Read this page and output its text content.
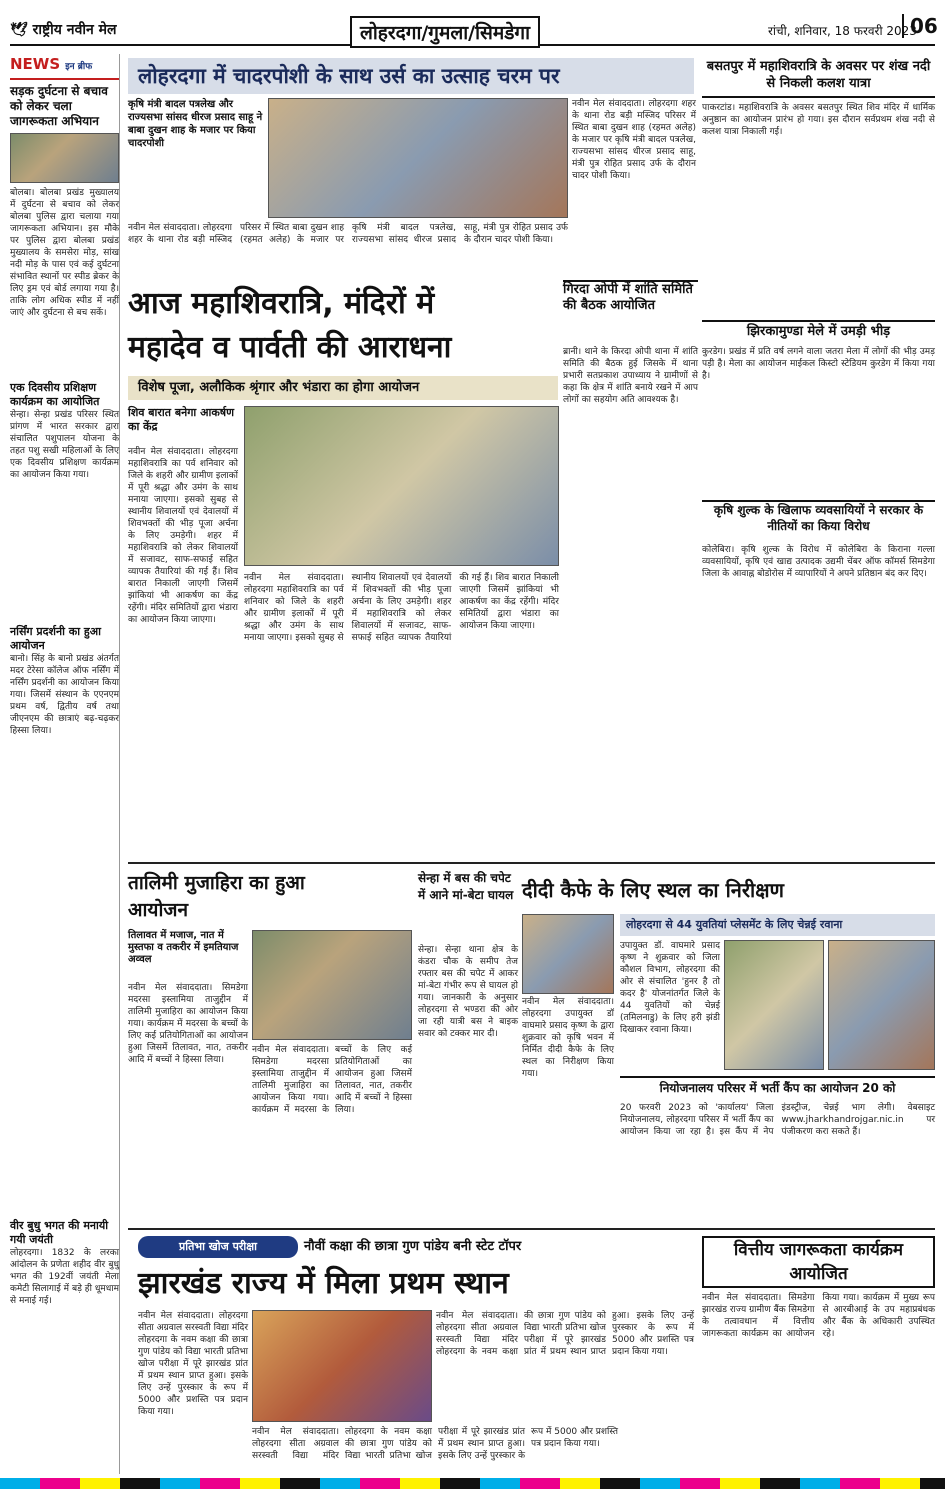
🕊 राष्ट्रीय नवीन मेल	लोहरदगा/गुमला/सिमडेगा	रांची, शनिवार, 18 फरवरी 2023
06
NEWS इन ब्रीफ
सड़क दुर्घटना से बचाव को लेकर चला जागरूकता अभियान
बोलबा। बोलबा प्रखंड मुख्यालय में दुर्घटना से बचाव को लेकर बोलबा पुलिस द्वारा चलाया गया जागरूकता अभियान। इस मौके पर पुलिस द्वारा बोलबा प्रखंड मुख्यालय के समसेरा मोड़, सांख नदी मोड़ के पास एवं कई दुर्घटना संभावित स्थानों पर स्पीड ब्रेकर के लिए ड्रम एवं बोर्ड लगाया गया है। ताकि लोग अधिक स्पीड में नहीं जाएं और दुर्घटना से बच सकें।
एक दिवसीय प्रशिक्षण कार्यक्रम का आयोजित
सेन्हा। सेन्हा प्रखंड परिसर स्थित प्रांगण में भारत सरकार द्वारा संचालित पशुपालन योजना के तहत पशु सखी महिलाओं के लिए एक दिवसीय प्रशिक्षण कार्यक्रम का आयोजन किया गया।
नर्सिंग प्रदर्शनी का हुआ आयोजन
बानो। सिंह के बानो प्रखंड अंतर्गत मदर टेरेसा कॉलेज ऑफ नर्सिंग में नर्सिंग प्रदर्शनी का आयोजन किया गया। जिसमें संस्थान के एएनएम प्रथम वर्ष, द्वितीय वर्ष तथा जीएनएम की छात्राएं बढ़-चढ़कर हिस्सा लिया।
वीर बुधु भगत की मनायी गयी जयंती
लोहरदगा। 1832 के लरका आंदोलन के प्रणेता शहीद वीर बुधु भगत की 192वीं जयंती मेला कमेटी सिलागाई में बड़े ही धूमधाम से मनाई गई।
लोहरदगा में चादरपोशी के साथ उर्स का उत्साह चरम पर
कृषि मंत्री बादल पत्रलेख और राज्यसभा सांसद धीरज प्रसाद साहू ने बाबा दुखन शाह के मजार पर किया चादरपोशी
नवीन मेल संवाददाता। लोहरदगा शहर के थाना रोड बड़ी मस्जिद परिसर में स्थित बाबा दुखन शाह (रहमत अलेह) के मजार पर कृषि मंत्री बादल पत्रलेख, राज्यसभा सांसद धीरज प्रसाद साहू, मंत्री पुत्र रोहित प्रसाद उर्फ के दौरान चादर पोशी किया।
नवीन मेल संवाददाता। लोहरदगा शहर के थाना रोड बड़ी मस्जिद परिसर में स्थित बाबा दुखन शाह (रहमत अलेह) के मजार पर कृषि मंत्री बादल पत्रलेख, राज्यसभा सांसद धीरज प्रसाद साहू, मंत्री पुत्र रोहित प्रसाद उर्फ के दौरान चादर पोशी किया।
गिरदा ओपी में शांति समिति की बैठक आयोजित
ब्रानी। थाने के किरदा ओपी थाना में शांति समिति की बैठक हुई जिसके में थाना प्रभारी सतप्रकाश उपाध्याय ने ग्रामीणों से कहा कि क्षेत्र में शांति बनाये रखने में आप लोगों का सहयोग अति आवश्यक है।
आज महाशिवरात्रि, मंदिरों में
महादेव व पार्वती की आराधना
विशेष पूजा, अलौकिक श्रृंगार और भंडारा का होगा आयोजन
शिव बारात बनेगा आकर्षण का केंद्र
नवीन मेल संवाददाता। लोहरदगा महाशिवरात्रि का पर्व शनिवार को जिले के शहरी और ग्रामीण इलाकों में पूरी श्रद्धा और उमंग के साथ मनाया जाएगा। इसको सुबह से स्थानीय शिवालयों एवं देवालयों में शिवभक्तों की भीड़ पूजा अर्चना के लिए उमड़ेगी। शहर में महाशिवरात्रि को लेकर शिवालयों में सजावट, साफ-सफाई सहित व्यापक तैयारियां की गई हैं। शिव बारात निकाली जाएगी जिसमें झांकियां भी आकर्षण का केंद्र रहेंगी। मंदिर समितियों द्वारा भंडारा का आयोजन किया जाएगा।
नवीन मेल संवाददाता। लोहरदगा महाशिवरात्रि का पर्व शनिवार को जिले के शहरी और ग्रामीण इलाकों में पूरी श्रद्धा और उमंग के साथ मनाया जाएगा। इसको सुबह से स्थानीय शिवालयों एवं देवालयों में शिवभक्तों की भीड़ पूजा अर्चना के लिए उमड़ेगी। शहर में महाशिवरात्रि को लेकर शिवालयों में सजावट, साफ-सफाई सहित व्यापक तैयारियां की गई हैं। शिव बारात निकाली जाएगी जिसमें झांकियां भी आकर्षण का केंद्र रहेंगी। मंदिर समितियों द्वारा भंडारा का आयोजन किया जाएगा।
बसतपुर में महाशिवरात्रि के अवसर पर शंख नदी से निकली कलश यात्रा
पाकरटांड। महाशिवरात्रि के अवसर बसतपुर स्थित शिव मंदिर में धार्मिक अनुष्ठान का आयोजन प्रारंभ हो गया। इस दौरान सर्वप्रथम शंख नदी से कलश यात्रा निकाली गई।
झिरकामुण्डा मेले में उमड़ी भीड़
कुरडेग। प्रखंड में प्रति वर्ष लगने वाला जतरा मेला में लोगों की भीड़ उमड़ पड़ी है। मेला का आयोजन माईकल किस्टो स्टेडियम कुरडेग में किया गया है।
कृषि शुल्क के खिलाफ व्यवसायियों ने सरकार के नीतियों का किया विरोध
कोलेबिरा। कृषि शुल्क के विरोध में कोलेबिरा के किराना गल्ला व्यवसायियों, कृषि एवं खाद्य उत्पादक उद्यमी चेंबर ऑफ कॉमर्स सिमडेगा जिला के आवाह्न बोडोरोस में व्यापारियों ने अपने प्रतिष्ठान बंद कर दिए।
तालिमी मुजाहिरा का हुआ आयोजन
तिलावत में मजाज, नात में मुस्तफा व तकरीर में इमतियाज अव्वल
नवीन मेल संवाददाता। सिमडेगा मदरसा इस्लामिया ताजुद्दीन में तालिमी मुजाहिरा का आयोजन किया गया। कार्यक्रम में मदरसा के बच्चों के लिए कई प्रतियोगिताओं का आयोजन हुआ जिसमें तिलावत, नात, तकरीर आदि में बच्चों ने हिस्सा लिया।
नवीन मेल संवाददाता। सिमडेगा मदरसा इस्लामिया ताजुद्दीन में तालिमी मुजाहिरा का आयोजन किया गया। कार्यक्रम में मदरसा के बच्चों के लिए कई प्रतियोगिताओं का आयोजन हुआ जिसमें तिलावत, नात, तकरीर आदि में बच्चों ने हिस्सा लिया।
सेन्हा में बस की चपेट में आने मां-बेटा घायल
सेन्हा। सेन्हा थाना क्षेत्र के कंडरा चौक के समीप तेज रफ्तार बस की चपेट में आकर मां-बेटा गंभीर रूप से घायल हो गया। जानकारी के अनुसार लोहरदगा से भण्डरा की ओर जा रही यात्री बस ने बाइक सवार को टक्कर मार दी।
दीदी कैफे के लिए स्थल का निरीक्षण
नवीन मेल संवाददाता। लोहरदगा उपायुक्त डॉ वाघमारे प्रसाद कृष्ण के द्वारा शुक्रवार को कृषि भवन में निर्मित दीदी कैफे के लिए स्थल का निरीक्षण किया गया।
लोहरदगा से 44 युवतियां प्लेसमेंट के लिए चेन्नई रवाना
उपायुक्त डॉ. वाघमारे प्रसाद कृष्ण ने शुक्रवार को जिला कौशल विभाग, लोहरदगा की ओर से संचालित 'हुनर है तो कदर है' योजनांतर्गत जिले के 44 युवतियों को चेन्नई (तमिलनाडु) के लिए हरी झंडी दिखाकर रवाना किया।
नियोजनालय परिसर में भर्ती कैंप का आयोजन 20 को
20 फरवरी 2023 को 'कार्यालय' जिला नियोजनालय, लोहरदगा परिसर में भर्ती कैंप का आयोजन किया जा रहा है। इस कैंप में नेप इंडस्ट्रीज, चेन्नई भाग लेगी। वेबसाइट www.jharkhandrojgar.nic.in पर पंजीकरण करा सकते हैं।
प्रतिभा खोज परीक्षा	नौवीं कक्षा की छात्रा गुण पांडेय बनी स्टेट टॉपर
झारखंड राज्य में मिला प्रथम स्थान
नवीन मेल संवाददाता। लोहरदगा सीता अग्रवाल सरस्वती विद्या मंदिर लोहरदगा के नवम कक्षा की छात्रा गुण पांडेय को विद्या भारती प्रतिभा खोज परीक्षा में पूरे झारखंड प्रांत में प्रथम स्थान प्राप्त हुआ। इसके लिए उन्हें पुरस्कार के रूप में 5000 और प्रशस्ति पत्र प्रदान किया गया।
नवीन मेल संवाददाता। लोहरदगा सीता अग्रवाल सरस्वती विद्या मंदिर लोहरदगा के नवम कक्षा की छात्रा गुण पांडेय को विद्या भारती प्रतिभा खोज परीक्षा में पूरे झारखंड प्रांत में प्रथम स्थान प्राप्त हुआ। इसके लिए उन्हें पुरस्कार के रूप में 5000 और प्रशस्ति पत्र प्रदान किया गया।
नवीन मेल संवाददाता। लोहरदगा सीता अग्रवाल सरस्वती विद्या मंदिर लोहरदगा के नवम कक्षा की छात्रा गुण पांडेय को विद्या भारती प्रतिभा खोज परीक्षा में पूरे झारखंड प्रांत में प्रथम स्थान प्राप्त हुआ। इसके लिए उन्हें पुरस्कार के रूप में 5000 और प्रशस्ति पत्र प्रदान किया गया।
वित्तीय जागरूकता कार्यक्रम आयोजित
नवीन मेल संवाददाता। सिमडेगा झारखंड राज्य ग्रामीण बैंक सिमडेगा के तत्वावधान में वित्तीय जागरूकता कार्यक्रम का आयोजन किया गया। कार्यक्रम में मुख्य रूप से आरबीआई के उप महाप्रबंधक और बैंक के अधिकारी उपस्थित रहे।
